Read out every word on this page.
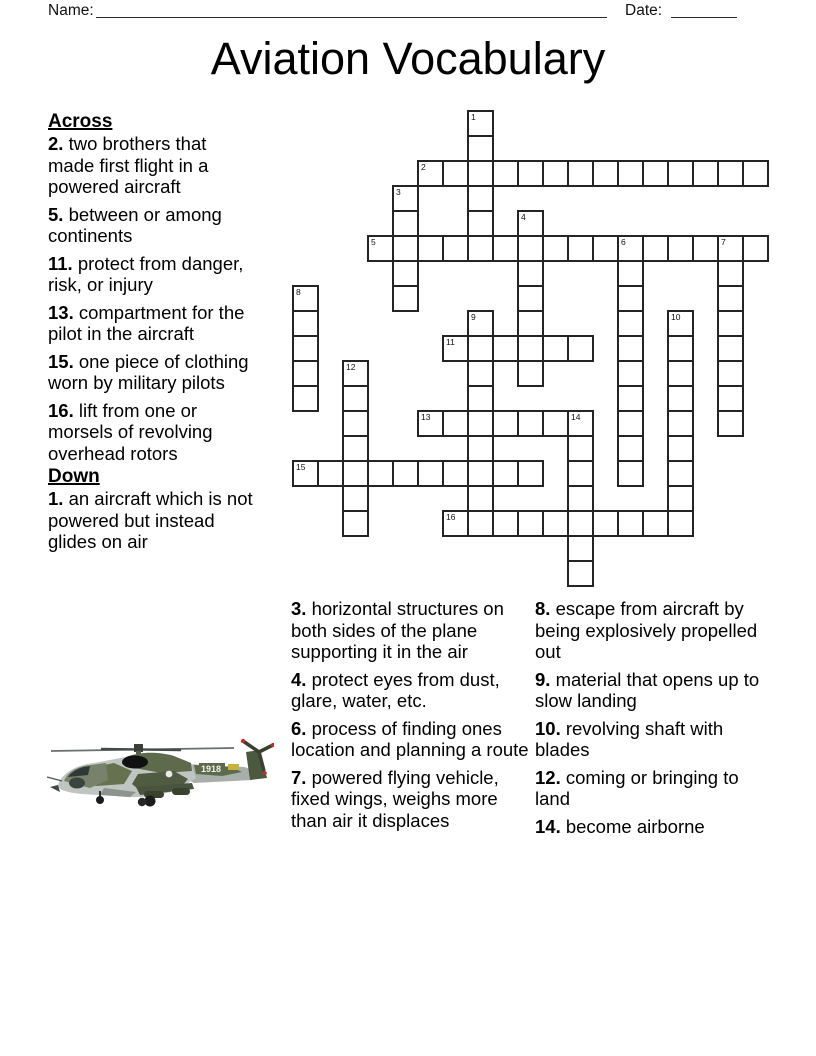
Name:	Date:
Aviation Vocabulary

Across

2. two brothers that made first flight in a powered aircraft

5. between or among continents

11. protect from danger, risk, or injury

13. compartment for the pilot in the aircraft

15. one piece of clothing worn by military pilots

16. lift from one or morsels of revolving overhead rotors

Down

1. an aircraft which is not powered but instead glides on air

1
2
3
4
5	6	7
8
9	10
11
12
13	14
15
16

3. horizontal structures on both sides of the plane supporting it in the air

4. protect eyes from dust, glare, water, etc.

6. process of finding ones location and planning a route

7. powered flying vehicle, fixed wings, weighs more than air it displaces

8. escape from aircraft by being explosively propelled out

9. material that opens up to slow landing

10. revolving shaft with blades

12. coming or bringing to land

14. become airborne

1918
